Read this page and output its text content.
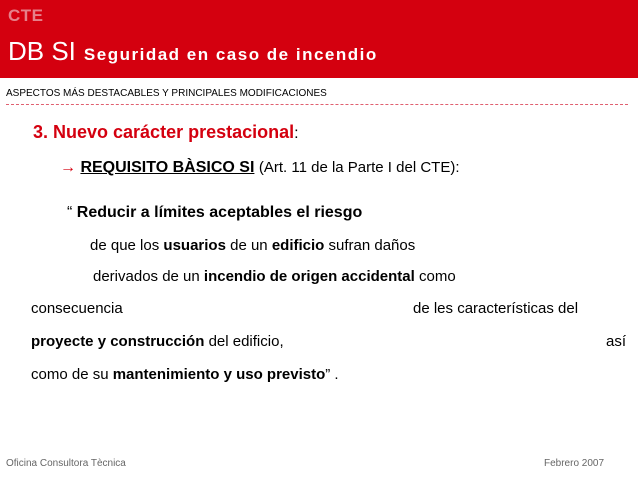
CTE
DB SI Seguridad en caso de incendio
ASPECTOS MÁS DESTACABLES Y PRINCIPALES MODIFICACIONES
3. Nuevo carácter prestacional:
→ REQUISITO BÀSICO SI (Art. 11 de la Parte I del CTE):
“ Reducir a límites aceptables el riesgo
de que los usuarios de un edificio sufran daños
derivados de un incendio de origen accidental como
consecuencia	de les características del
proyecte y construcción del edificio,	así
como de su mantenimiento y uso previsto” .
Oficina Consultora Tècnica	Febrero 2007
